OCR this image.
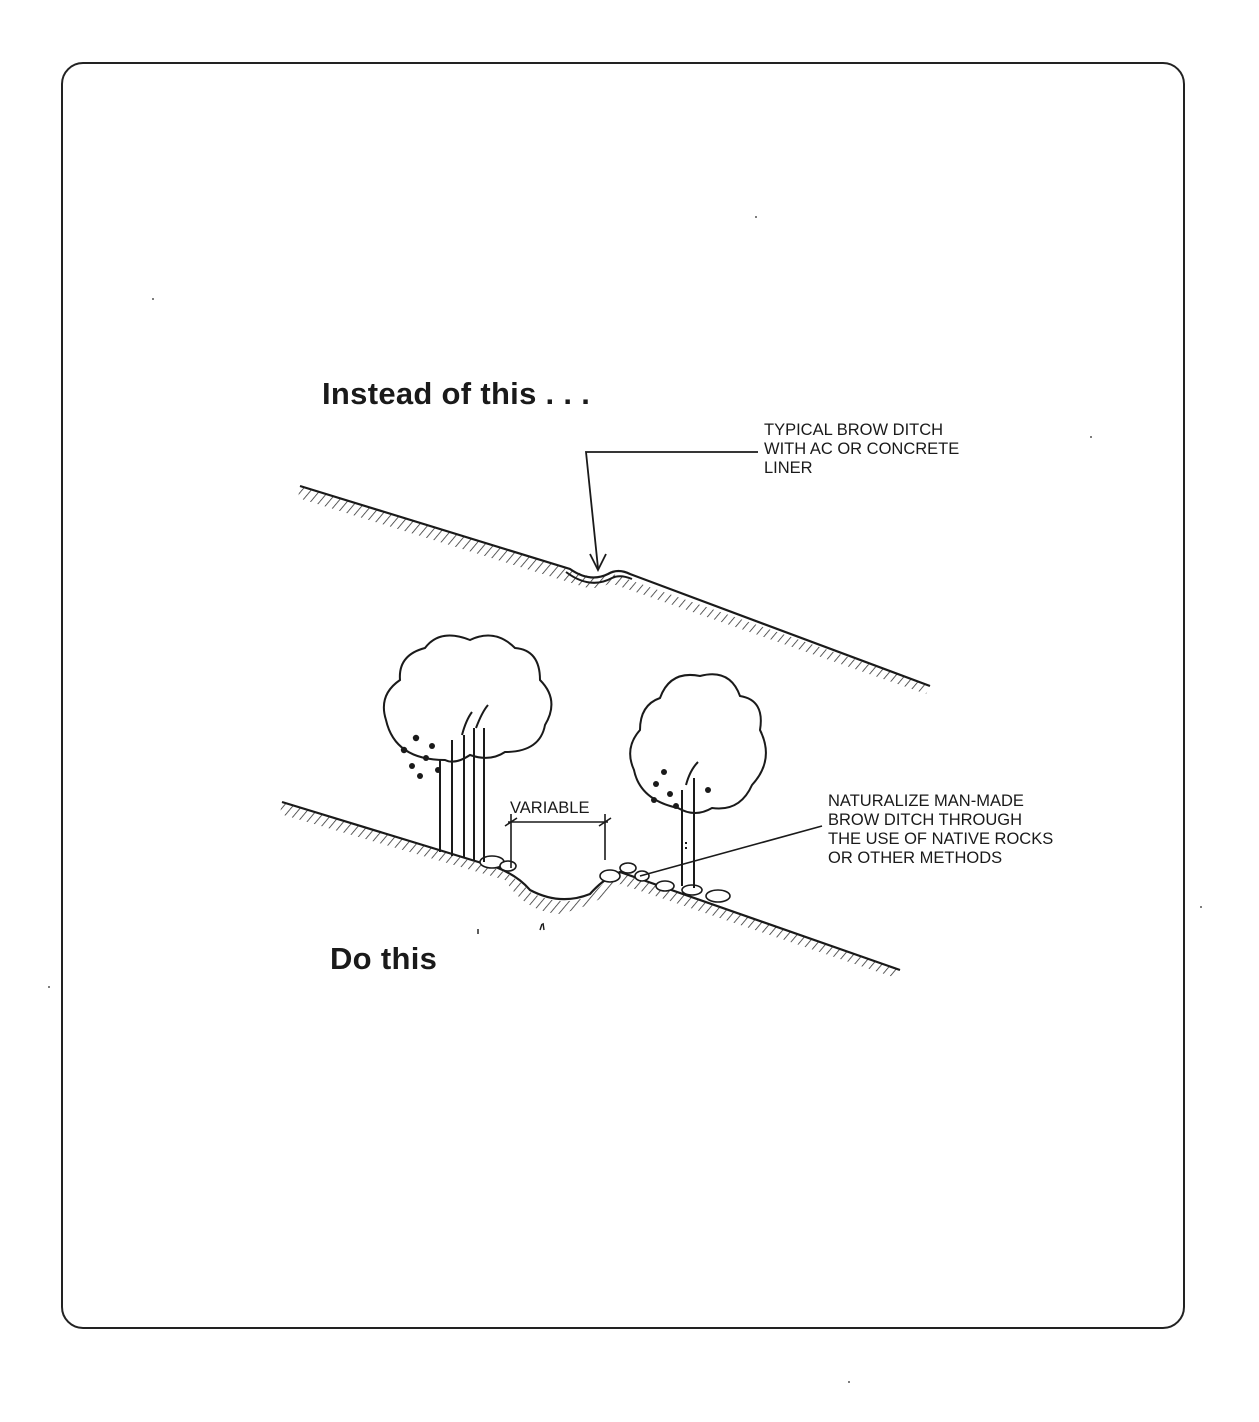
Instead of this . . .
Do this
TYPICAL BROW DITCH
WITH AC OR CONCRETE
LINER
NATURALIZE MAN-MADE
BROW DITCH THROUGH
THE USE OF NATIVE ROCKS
OR OTHER METHODS
VARIABLE
